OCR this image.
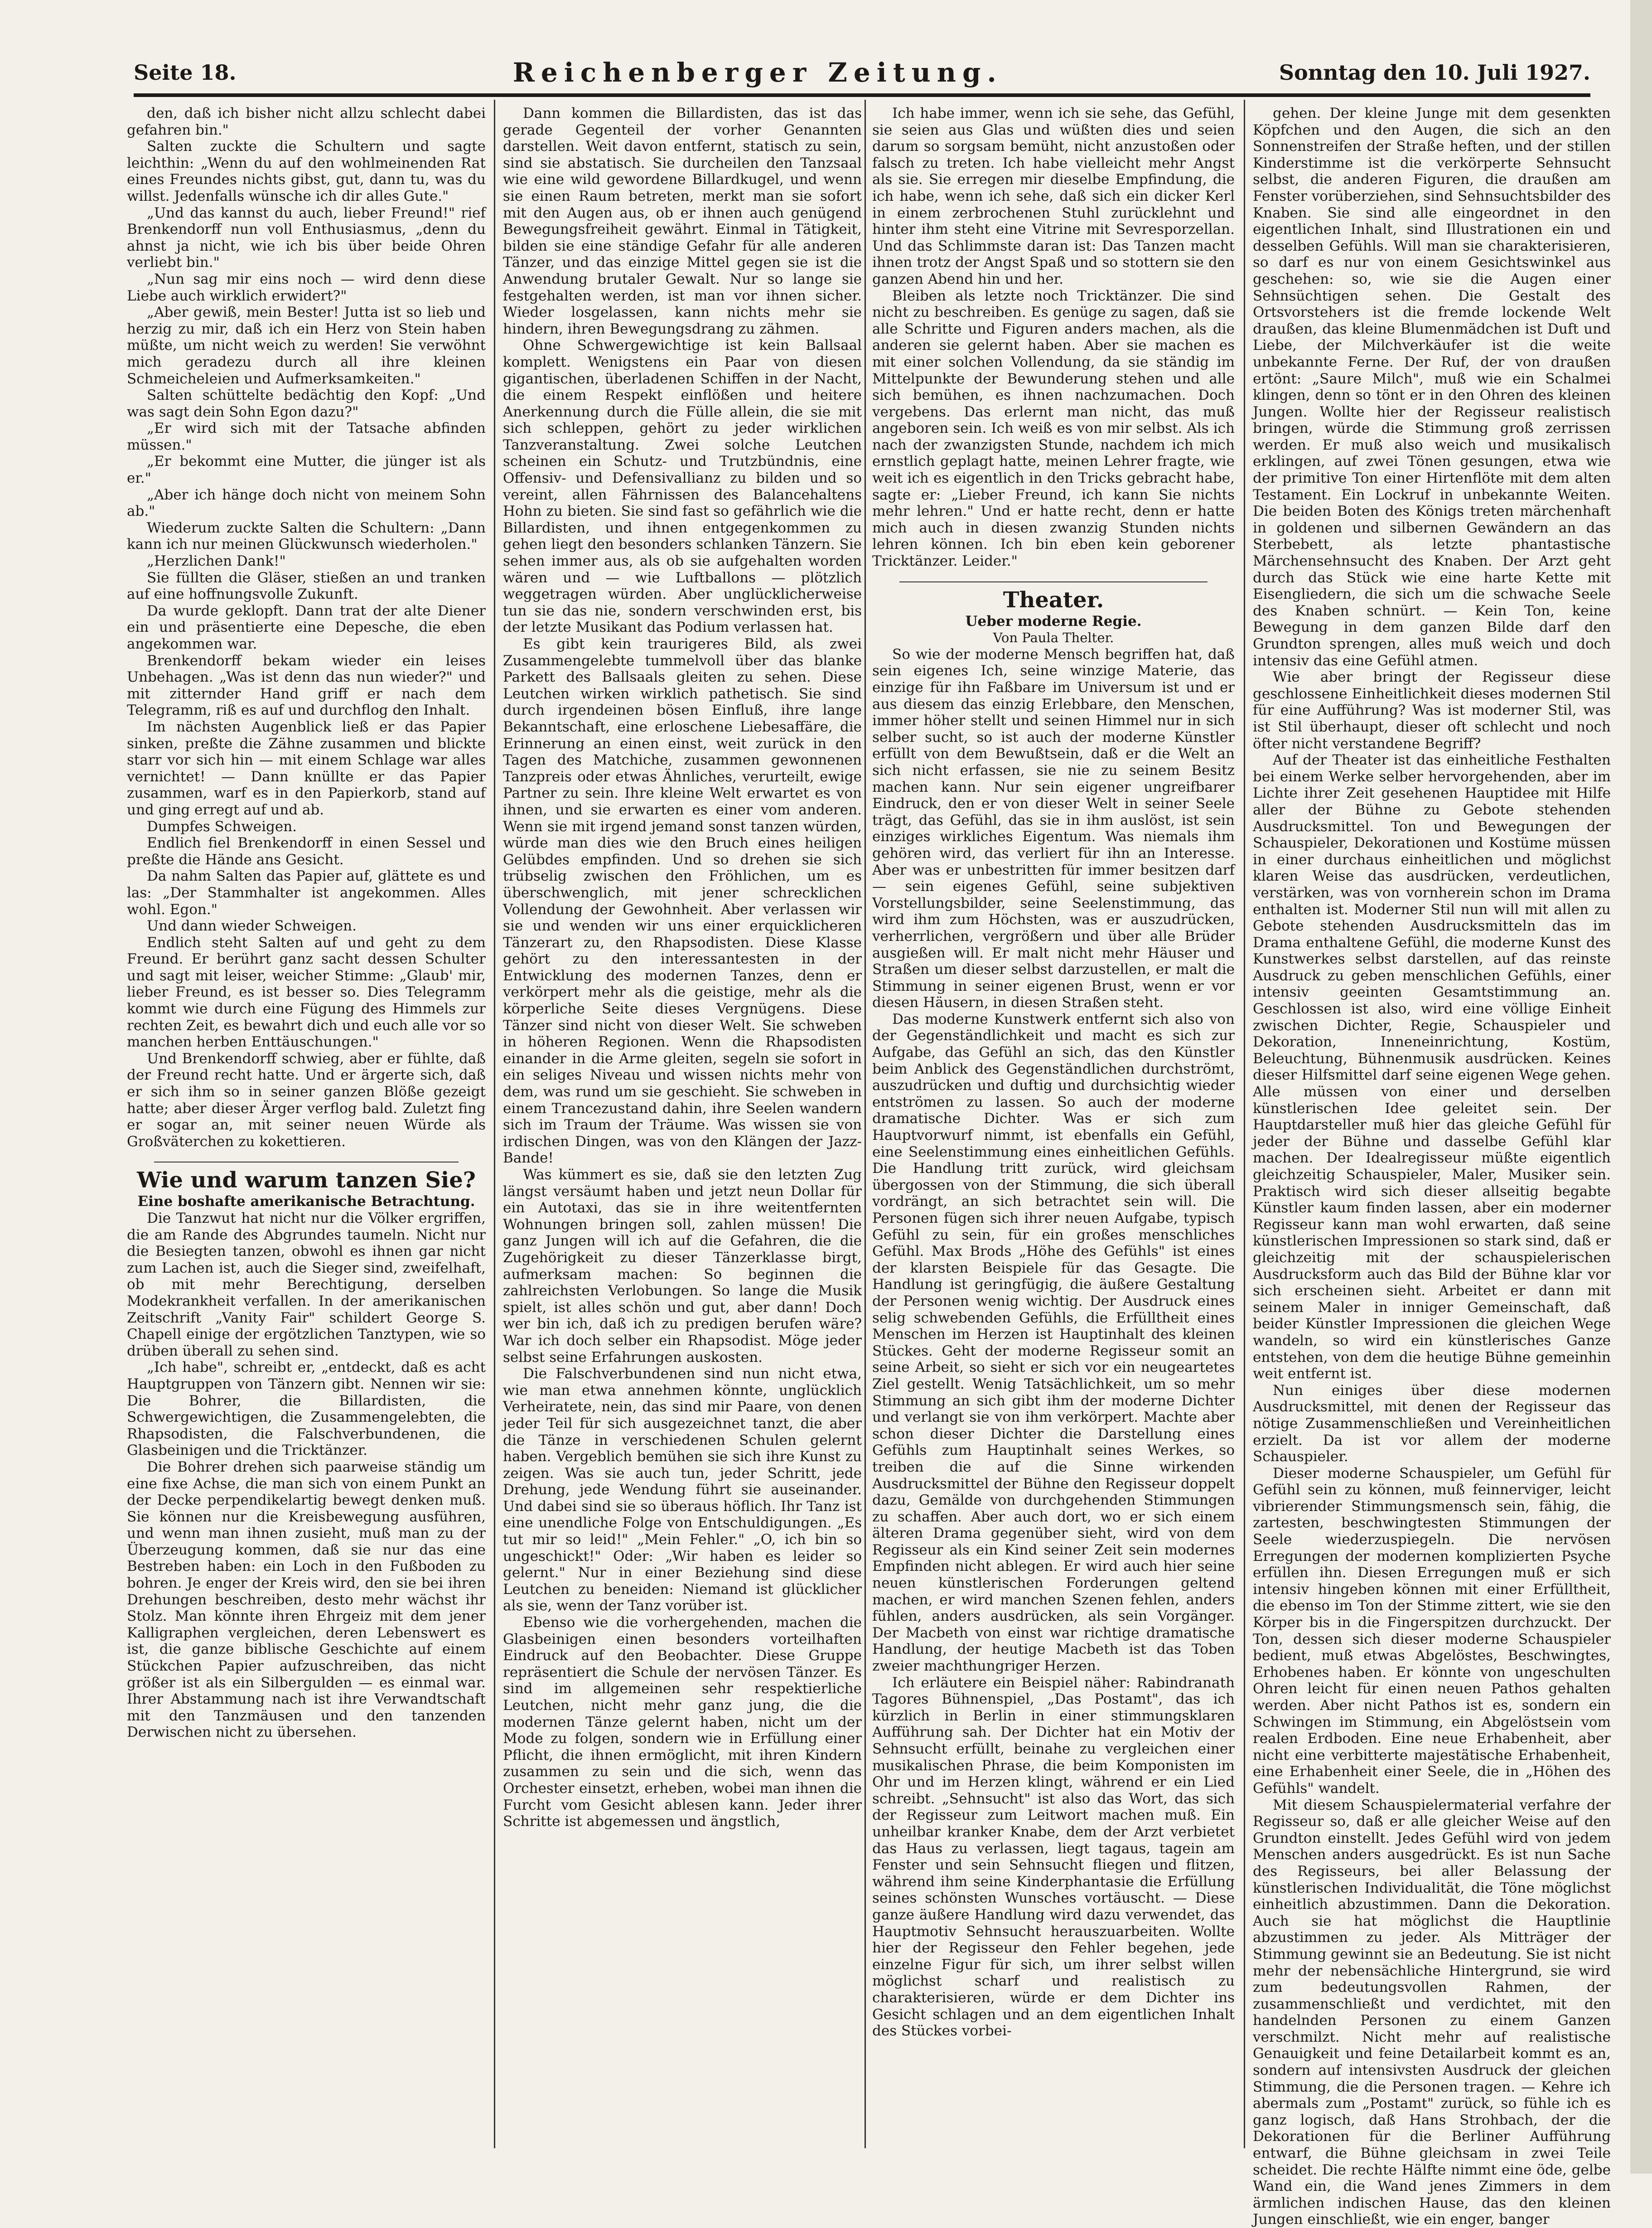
Seite 18.	Reichenberger Zeitung.	Sonntag den 10. Juli 1927.

den, daß ich bisher nicht allzu schlecht dabei gefahren bin."

Salten zuckte die Schultern und sagte leichthin: „Wenn du auf den wohlmeinenden Rat eines Freundes nichts gibst, gut, dann tu, was du willst. Jedenfalls wünsche ich dir alles Gute."

„Und das kannst du auch, lieber Freund!" rief Brenkendorff nun voll Enthusiasmus, „denn du ahnst ja nicht, wie ich bis über beide Ohren verliebt bin."

„Nun sag mir eins noch — wird denn diese Liebe auch wirklich erwidert?"

„Aber gewiß, mein Bester! Jutta ist so lieb und herzig zu mir, daß ich ein Herz von Stein haben müßte, um nicht weich zu werden! Sie verwöhnt mich geradezu durch all ihre kleinen Schmeicheleien und Aufmerksamkeiten."

Salten schüttelte bedächtig den Kopf: „Und was sagt dein Sohn Egon dazu?"

„Er wird sich mit der Tatsache abfinden müssen."

„Er bekommt eine Mutter, die jünger ist als er."

„Aber ich hänge doch nicht von meinem Sohn ab."

Wiederum zuckte Salten die Schultern: „Dann kann ich nur meinen Glückwunsch wiederholen."

„Herzlichen Dank!"

Sie füllten die Gläser, stießen an und tranken auf eine hoffnungsvolle Zukunft.

Da wurde geklopft. Dann trat der alte Diener ein und präsentierte eine Depesche, die eben angekommen war.

Brenkendorff bekam wieder ein leises Unbehagen. „Was ist denn das nun wieder?" und mit zitternder Hand griff er nach dem Telegramm, riß es auf und durchflog den Inhalt.

Im nächsten Augenblick ließ er das Papier sinken, preßte die Zähne zusammen und blickte starr vor sich hin — mit einem Schlage war alles vernichtet! — Dann knüllte er das Papier zusammen, warf es in den Papierkorb, stand auf und ging erregt auf und ab.

Dumpfes Schweigen.

Endlich fiel Brenkendorff in einen Sessel und preßte die Hände ans Gesicht.

Da nahm Salten das Papier auf, glättete es und las: „Der Stammhalter ist angekommen. Alles wohl. Egon."

Und dann wieder Schweigen.

Endlich steht Salten auf und geht zu dem Freund. Er berührt ganz sacht dessen Schulter und sagt mit leiser, weicher Stimme: „Glaub' mir, lieber Freund, es ist besser so. Dies Telegramm kommt wie durch eine Fügung des Himmels zur rechten Zeit, es bewahrt dich und euch alle vor so manchen herben Enttäuschungen."

Und Brenkendorff schwieg, aber er fühlte, daß der Freund recht hatte. Und er ärgerte sich, daß er sich ihm so in seiner ganzen Blöße gezeigt hatte; aber dieser Ärger verflog bald. Zuletzt fing er sogar an, mit seiner neuen Würde als Großväterchen zu kokettieren.

Wie und warum tanzen Sie?

Eine boshafte amerikanische Betrachtung.

Die Tanzwut hat nicht nur die Völker ergriffen, die am Rande des Abgrundes taumeln. Nicht nur die Besiegten tanzen, obwohl es ihnen gar nicht zum Lachen ist, auch die Sieger sind, zweifelhaft, ob mit mehr Berechtigung, derselben Modekrankheit verfallen. In der amerikanischen Zeitschrift „Vanity Fair" schildert George S. Chapell einige der ergötzlichen Tanztypen, wie so drüben überall zu sehen sind.

„Ich habe", schreibt er, „entdeckt, daß es acht Hauptgruppen von Tänzern gibt. Nennen wir sie: Die Bohrer, die Billardisten, die Schwergewichtigen, die Zusammengelebten, die Rhapsodisten, die Falschverbundenen, die Glasbeinigen und die Tricktänzer.

Die Bohrer drehen sich paarweise ständig um eine fixe Achse, die man sich von einem Punkt an der Decke perpendikelartig bewegt denken muß. Sie können nur die Kreisbewegung ausführen, und wenn man ihnen zusieht, muß man zu der Überzeugung kommen, daß sie nur das eine Bestreben haben: ein Loch in den Fußboden zu bohren. Je enger der Kreis wird, den sie bei ihren Drehungen beschreiben, desto mehr wächst ihr Stolz. Man könnte ihren Ehrgeiz mit dem jener Kalligraphen vergleichen, deren Lebenswert es ist, die ganze biblische Geschichte auf einem Stückchen Papier aufzuschreiben, das nicht größer ist als ein Silbergulden — es einmal war. Ihrer Abstammung nach ist ihre Verwandtschaft mit den Tanzmäusen und den tanzenden Derwischen nicht zu übersehen.

Dann kommen die Billardisten, das ist das gerade Gegenteil der vorher Genannten darstellen. Weit davon entfernt, statisch zu sein, sind sie abstatisch. Sie durcheilen den Tanzsaal wie eine wild gewordene Billardkugel, und wenn sie einen Raum betreten, merkt man sie sofort mit den Augen aus, ob er ihnen auch genügend Bewegungsfreiheit gewährt. Einmal in Tätigkeit, bilden sie eine ständige Gefahr für alle anderen Tänzer, und das einzige Mittel gegen sie ist die Anwendung brutaler Gewalt. Nur so lange sie festgehalten werden, ist man vor ihnen sicher. Wieder losgelassen, kann nichts mehr sie hindern, ihren Bewegungsdrang zu zähmen.

Ohne Schwergewichtige ist kein Ballsaal komplett. Wenigstens ein Paar von diesen gigantischen, überladenen Schiffen in der Nacht, die einem Respekt einflößen und heitere Anerkennung durch die Fülle allein, die sie mit sich schleppen, gehört zu jeder wirklichen Tanzveranstaltung. Zwei solche Leutchen scheinen ein Schutz- und Trutzbündnis, eine Offensiv- und Defensivallianz zu bilden und so vereint, allen Fährnissen des Balancehaltens Hohn zu bieten. Sie sind fast so gefährlich wie die Billardisten, und ihnen entgegenkommen zu gehen liegt den besonders schlanken Tänzern. Sie sehen immer aus, als ob sie aufgehalten worden wären und — wie Luftballons — plötzlich weggetragen würden. Aber unglücklicherweise tun sie das nie, sondern verschwinden erst, bis der letzte Musikant das Podium verlassen hat.

Es gibt kein traurigeres Bild, als zwei Zusammengelebte tummelvoll über das blanke Parkett des Ballsaals gleiten zu sehen. Diese Leutchen wirken wirklich pathetisch. Sie sind durch irgendeinen bösen Einfluß, ihre lange Bekanntschaft, eine erloschene Liebesaffäre, die Erinnerung an einen einst, weit zurück in den Tagen des Matchiche, zusammen gewonnenen Tanzpreis oder etwas Ähnliches, verurteilt, ewige Partner zu sein. Ihre kleine Welt erwartet es von ihnen, und sie erwarten es einer vom anderen. Wenn sie mit irgend jemand sonst tanzen würden, würde man dies wie den Bruch eines heiligen Gelübdes empfinden. Und so drehen sie sich trübselig zwischen den Fröhlichen, um es überschwenglich, mit jener schrecklichen Vollendung der Gewohnheit. Aber verlassen wir sie und wenden wir uns einer erquicklicheren Tänzerart zu, den Rhapsodisten. Diese Klasse gehört zu den interessantesten in der Entwicklung des modernen Tanzes, denn er verkörpert mehr als die geistige, mehr als die körperliche Seite dieses Vergnügens. Diese Tänzer sind nicht von dieser Welt. Sie schweben in höheren Regionen. Wenn die Rhapsodisten einander in die Arme gleiten, segeln sie sofort in ein seliges Niveau und wissen nichts mehr von dem, was rund um sie geschieht. Sie schweben in einem Trancezustand dahin, ihre Seelen wandern sich im Traum der Träume. Was wissen sie von irdischen Dingen, was von den Klängen der Jazz-Bande!

Was kümmert es sie, daß sie den letzten Zug längst versäumt haben und jetzt neun Dollar für ein Autotaxi, das sie in ihre weitentfernten Wohnungen bringen soll, zahlen müssen! Die ganz Jungen will ich auf die Gefahren, die die Zugehörigkeit zu dieser Tänzerklasse birgt, aufmerksam machen: So beginnen die zahlreichsten Verlobungen. So lange die Musik spielt, ist alles schön und gut, aber dann! Doch wer bin ich, daß ich zu predigen berufen wäre? War ich doch selber ein Rhapsodist. Möge jeder selbst seine Erfahrungen auskosten.

Die Falschverbundenen sind nun nicht etwa, wie man etwa annehmen könnte, unglücklich Verheiratete, nein, das sind mir Paare, von denen jeder Teil für sich ausgezeichnet tanzt, die aber die Tänze in verschiedenen Schulen gelernt haben. Vergeblich bemühen sie sich ihre Kunst zu zeigen. Was sie auch tun, jeder Schritt, jede Drehung, jede Wendung führt sie auseinander. Und dabei sind sie so überaus höflich. Ihr Tanz ist eine unendliche Folge von Entschuldigungen. „Es tut mir so leid!" „Mein Fehler." „O, ich bin so ungeschickt!" Oder: „Wir haben es leider so gelernt." Nur in einer Beziehung sind diese Leutchen zu beneiden: Niemand ist glücklicher als sie, wenn der Tanz vorüber ist.

Ebenso wie die vorhergehenden, machen die Glasbeinigen einen besonders vorteilhaften Eindruck auf den Beobachter. Diese Gruppe repräsentiert die Schule der nervösen Tänzer. Es sind im allgemeinen sehr respektierliche Leutchen, nicht mehr ganz jung, die die modernen Tänze gelernt haben, nicht um der Mode zu folgen, sondern wie in Erfüllung einer Pflicht, die ihnen ermöglicht, mit ihren Kindern zusammen zu sein und die sich, wenn das Orchester einsetzt, erheben, wobei man ihnen die Furcht vom Gesicht ablesen kann. Jeder ihrer Schritte ist abgemessen und ängstlich,

Ich habe immer, wenn ich sie sehe, das Gefühl, sie seien aus Glas und wüßten dies und seien darum so sorgsam bemüht, nicht anzustoßen oder falsch zu treten. Ich habe vielleicht mehr Angst als sie. Sie erregen mir dieselbe Empfindung, die ich habe, wenn ich sehe, daß sich ein dicker Kerl in einem zerbrochenen Stuhl zurücklehnt und hinter ihm steht eine Vitrine mit Sevresporzellan. Und das Schlimmste daran ist: Das Tanzen macht ihnen trotz der Angst Spaß und so stottern sie den ganzen Abend hin und her.

Bleiben als letzte noch Tricktänzer. Die sind nicht zu beschreiben. Es genüge zu sagen, daß sie alle Schritte und Figuren anders machen, als die anderen sie gelernt haben. Aber sie machen es mit einer solchen Vollendung, da sie ständig im Mittelpunkte der Bewunderung stehen und alle sich bemühen, es ihnen nachzumachen. Doch vergebens. Das erlernt man nicht, das muß angeboren sein. Ich weiß es von mir selbst. Als ich nach der zwanzigsten Stunde, nachdem ich mich ernstlich geplagt hatte, meinen Lehrer fragte, wie weit ich es eigentlich in den Tricks gebracht habe, sagte er: „Lieber Freund, ich kann Sie nichts mehr lehren." Und er hatte recht, denn er hatte mich auch in diesen zwanzig Stunden nichts lehren können. Ich bin eben kein geborener Tricktänzer. Leider."

Theater.

Ueber moderne Regie.

Von Paula Thelter.

So wie der moderne Mensch begriffen hat, daß sein eigenes Ich, seine winzige Materie, das einzige für ihn Faßbare im Universum ist und er aus diesem das einzig Erlebbare, den Menschen, immer höher stellt und seinen Himmel nur in sich selber sucht, so ist auch der moderne Künstler erfüllt von dem Bewußtsein, daß er die Welt an sich nicht erfassen, sie nie zu seinem Besitz machen kann. Nur sein eigener ungreifbarer Eindruck, den er von dieser Welt in seiner Seele trägt, das Gefühl, das sie in ihm auslöst, ist sein einziges wirkliches Eigentum. Was niemals ihm gehören wird, das verliert für ihn an Interesse. Aber was er unbestritten für immer besitzen darf — sein eigenes Gefühl, seine subjektiven Vorstellungsbilder, seine Seelenstimmung, das wird ihm zum Höchsten, was er auszudrücken, verherrlichen, vergrößern und über alle Brüder ausgießen will. Er malt nicht mehr Häuser und Straßen um dieser selbst darzustellen, er malt die Stimmung in seiner eigenen Brust, wenn er vor diesen Häusern, in diesen Straßen steht.

Das moderne Kunstwerk entfernt sich also von der Gegenständlichkeit und macht es sich zur Aufgabe, das Gefühl an sich, das den Künstler beim Anblick des Gegenständlichen durchströmt, auszudrücken und duftig und durchsichtig wieder entströmen zu lassen. So auch der moderne dramatische Dichter. Was er sich zum Hauptvorwurf nimmt, ist ebenfalls ein Gefühl, eine Seelenstimmung eines einheitlichen Gefühls. Die Handlung tritt zurück, wird gleichsam übergossen von der Stimmung, die sich überall vordrängt, an sich betrachtet sein will. Die Personen fügen sich ihrer neuen Aufgabe, typisch Gefühl zu sein, für ein großes menschliches Gefühl. Max Brods „Höhe des Gefühls" ist eines der klarsten Beispiele für das Gesagte. Die Handlung ist geringfügig, die äußere Gestaltung der Personen wenig wichtig. Der Ausdruck eines selig schwebenden Gefühls, die Erfülltheit eines Menschen im Herzen ist Hauptinhalt des kleinen Stückes. Geht der moderne Regisseur somit an seine Arbeit, so sieht er sich vor ein neugeartetes Ziel gestellt. Wenig Tatsächlichkeit, um so mehr Stimmung an sich gibt ihm der moderne Dichter und verlangt sie von ihm verkörpert. Machte aber schon dieser Dichter die Darstellung eines Gefühls zum Hauptinhalt seines Werkes, so treiben die auf die Sinne wirkenden Ausdrucksmittel der Bühne den Regisseur doppelt dazu, Gemälde von durchgehenden Stimmungen zu schaffen. Aber auch dort, wo er sich einem älteren Drama gegenüber sieht, wird von dem Regisseur als ein Kind seiner Zeit sein modernes Empfinden nicht ablegen. Er wird auch hier seine neuen künstlerischen Forderungen geltend machen, er wird manchen Szenen fehlen, anders fühlen, anders ausdrücken, als sein Vorgänger. Der Macbeth von einst war richtige dramatische Handlung, der heutige Macbeth ist das Toben zweier machthungriger Herzen.

Ich erläutere ein Beispiel näher: Rabindranath Tagores Bühnenspiel, „Das Postamt", das ich kürzlich in Berlin in einer stimmungsklaren Aufführung sah. Der Dichter hat ein Motiv der Sehnsucht erfüllt, beinahe zu vergleichen einer musikalischen Phrase, die beim Komponisten im Ohr und im Herzen klingt, während er ein Lied schreibt. „Sehnsucht" ist also das Wort, das sich der Regisseur zum Leitwort machen muß. Ein unheilbar kranker Knabe, dem der Arzt verbietet das Haus zu verlassen, liegt tagaus, tagein am Fenster und sein Sehnsucht fliegen und flitzen, während ihm seine Kinderphantasie die Erfüllung seines schönsten Wunsches vortäuscht. — Diese ganze äußere Handlung wird dazu verwendet, das Hauptmotiv Sehnsucht herauszuarbeiten. Wollte hier der Regisseur den Fehler begehen, jede einzelne Figur für sich, um ihrer selbst willen möglichst scharf und realistisch zu charakterisieren, würde er dem Dichter ins Gesicht schlagen und an dem eigentlichen Inhalt des Stückes vorbei-

gehen. Der kleine Junge mit dem gesenkten Köpfchen und den Augen, die sich an den Sonnenstreifen der Straße heften, und der stillen Kinderstimme ist die verkörperte Sehnsucht selbst, die anderen Figuren, die draußen am Fenster vorüberziehen, sind Sehnsuchtsbilder des Knaben. Sie sind alle eingeordnet in den eigentlichen Inhalt, sind Illustrationen ein und desselben Gefühls. Will man sie charakterisieren, so darf es nur von einem Gesichtswinkel aus geschehen: so, wie sie die Augen einer Sehnsüchtigen sehen. Die Gestalt des Ortsvorstehers ist die fremde lockende Welt draußen, das kleine Blumenmädchen ist Duft und Liebe, der Milchverkäufer ist die weite unbekannte Ferne. Der Ruf, der von draußen ertönt: „Saure Milch", muß wie ein Schalmei klingen, denn so tönt er in den Ohren des kleinen Jungen. Wollte hier der Regisseur realistisch bringen, würde die Stimmung groß zerrissen werden. Er muß also weich und musikalisch erklingen, auf zwei Tönen gesungen, etwa wie der primitive Ton einer Hirtenflöte mit dem alten Testament. Ein Lockruf in unbekannte Weiten. Die beiden Boten des Königs treten märchenhaft in goldenen und silbernen Gewändern an das Sterbebett, als letzte phantastische Märchensehnsucht des Knaben. Der Arzt geht durch das Stück wie eine harte Kette mit Eisengliedern, die sich um die schwache Seele des Knaben schnürt. — Kein Ton, keine Bewegung in dem ganzen Bilde darf den Grundton sprengen, alles muß weich und doch intensiv das eine Gefühl atmen.

Wie aber bringt der Regisseur diese geschlossene Einheitlichkeit dieses modernen Stil für eine Aufführung? Was ist moderner Stil, was ist Stil überhaupt, dieser oft schlecht und noch öfter nicht verstandene Begriff?

Auf der Theater ist das einheitliche Festhalten bei einem Werke selber hervorgehenden, aber im Lichte ihrer Zeit gesehenen Hauptidee mit Hilfe aller der Bühne zu Gebote stehenden Ausdrucksmittel. Ton und Bewegungen der Schauspieler, Dekorationen und Kostüme müssen in einer durchaus einheitlichen und möglichst klaren Weise das ausdrücken, verdeutlichen, verstärken, was von vornherein schon im Drama enthalten ist. Moderner Stil nun will mit allen zu Gebote stehenden Ausdrucksmitteln das im Drama enthaltene Gefühl, die moderne Kunst des Kunstwerkes selbst darstellen, auf das reinste Ausdruck zu geben menschlichen Gefühls, einer intensiv geeinten Gesamtstimmung an. Geschlossen ist also, wird eine völlige Einheit zwischen Dichter, Regie, Schauspieler und Dekoration, Inneneinrichtung, Kostüm, Beleuchtung, Bühnenmusik ausdrücken. Keines dieser Hilfsmittel darf seine eigenen Wege gehen. Alle müssen von einer und derselben künstlerischen Idee geleitet sein. Der Hauptdarsteller muß hier das gleiche Gefühl für jeder der Bühne und dasselbe Gefühl klar machen. Der Idealregisseur müßte eigentlich gleichzeitig Schauspieler, Maler, Musiker sein. Praktisch wird sich dieser allseitig begabte Künstler kaum finden lassen, aber ein moderner Regisseur kann man wohl erwarten, daß seine künstlerischen Impressionen so stark sind, daß er gleichzeitig mit der schauspielerischen Ausdrucksform auch das Bild der Bühne klar vor sich erscheinen sieht. Arbeitet er dann mit seinem Maler in inniger Gemeinschaft, daß beider Künstler Impressionen die gleichen Wege wandeln, so wird ein künstlerisches Ganze entstehen, von dem die heutige Bühne gemeinhin weit entfernt ist.

Nun einiges über diese modernen Ausdrucksmittel, mit denen der Regisseur das nötige Zusammenschließen und Vereinheitlichen erzielt. Da ist vor allem der moderne Schauspieler.

Dieser moderne Schauspieler, um Gefühl für Gefühl sein zu können, muß feinnerviger, leicht vibrierender Stimmungsmensch sein, fähig, die zartesten, beschwingtesten Stimmungen der Seele wiederzuspiegeln. Die nervösen Erregungen der modernen komplizierten Psyche erfüllen ihn. Diesen Erregungen muß er sich intensiv hingeben können mit einer Erfülltheit, die ebenso im Ton der Stimme zittert, wie sie den Körper bis in die Fingerspitzen durchzuckt. Der Ton, dessen sich dieser moderne Schauspieler bedient, muß etwas Abgelöstes, Beschwingtes, Erhobenes haben. Er könnte von ungeschulten Ohren leicht für einen neuen Pathos gehalten werden. Aber nicht Pathos ist es, sondern ein Schwingen im Stimmung, ein Abgelöstsein vom realen Erdboden. Eine neue Erhabenheit, aber nicht eine verbitterte majestätische Erhabenheit, eine Erhabenheit einer Seele, die in „Höhen des Gefühls" wandelt.

Mit diesem Schauspielermaterial verfahre der Regisseur so, daß er alle gleicher Weise auf den Grundton einstellt. Jedes Gefühl wird von jedem Menschen anders ausgedrückt. Es ist nun Sache des Regisseurs, bei aller Belassung der künstlerischen Individualität, die Töne möglichst einheitlich abzustimmen. Dann die Dekoration. Auch sie hat möglichst die Hauptlinie abzustimmen zu jeder. Als Mitträger der Stimmung gewinnt sie an Bedeutung. Sie ist nicht mehr der nebensächliche Hintergrund, sie wird zum bedeutungsvollen Rahmen, der zusammenschließt und verdichtet, mit den handelnden Personen zu einem Ganzen verschmilzt. Nicht mehr auf realistische Genauigkeit und feine Detailarbeit kommt es an, sondern auf intensivsten Ausdruck der gleichen Stimmung, die die Personen tragen. — Kehre ich abermals zum „Postamt" zurück, so fühle ich es ganz logisch, daß Hans Strohbach, der die Dekorationen für die Berliner Aufführung entwarf, die Bühne gleichsam in zwei Teile scheidet. Die rechte Hälfte nimmt eine öde, gelbe Wand ein, die Wand jenes Zimmers in dem ärmlichen indischen Hause, das den kleinen Jungen einschließt, wie ein enger, banger
